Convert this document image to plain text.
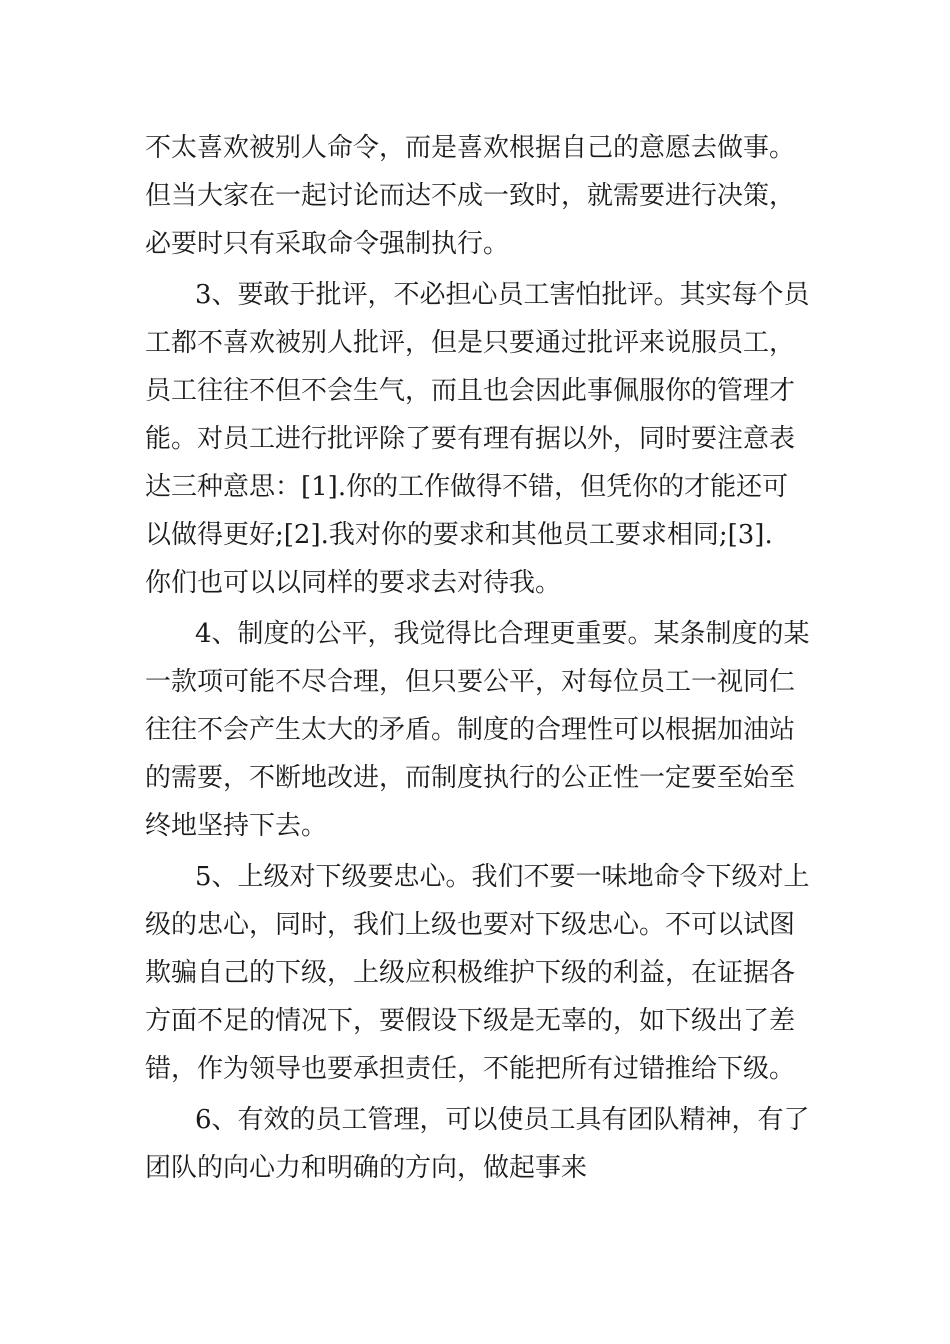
不太喜欢被别人命令，而是喜欢根据自己的意愿去做事。
但当大家在一起讨论而达不成一致时，就需要进行决策，
必要时只有采取命令强制执行。
3、要敢于批评，不必担心员工害怕批评。其实每个员
工都不喜欢被别人批评，但是只要通过批评来说服员工，
员工往往不但不会生气，而且也会因此事佩服你的管理才
能。对员工进行批评除了要有理有据以外，同时要注意表
达三种意思：[1].你的工作做得不错，但凭你的才能还可
以做得更好;[2].我对你的要求和其他员工要求相同;[3].
你们也可以以同样的要求去对待我。
4、制度的公平，我觉得比合理更重要。某条制度的某
一款项可能不尽合理，但只要公平，对每位员工一视同仁
往往不会产生太大的矛盾。制度的合理性可以根据加油站
的需要，不断地改进，而制度执行的公正性一定要至始至
终地坚持下去。
5、上级对下级要忠心。我们不要一味地命令下级对上
级的忠心，同时，我们上级也要对下级忠心。不可以试图
欺骗自己的下级，上级应积极维护下级的利益，在证据各
方面不足的情况下，要假设下级是无辜的，如下级出了差
错，作为领导也要承担责任，不能把所有过错推给下级。
6、有效的员工管理，可以使员工具有团队精神，有了
团队的向心力和明确的方向，做起事来
